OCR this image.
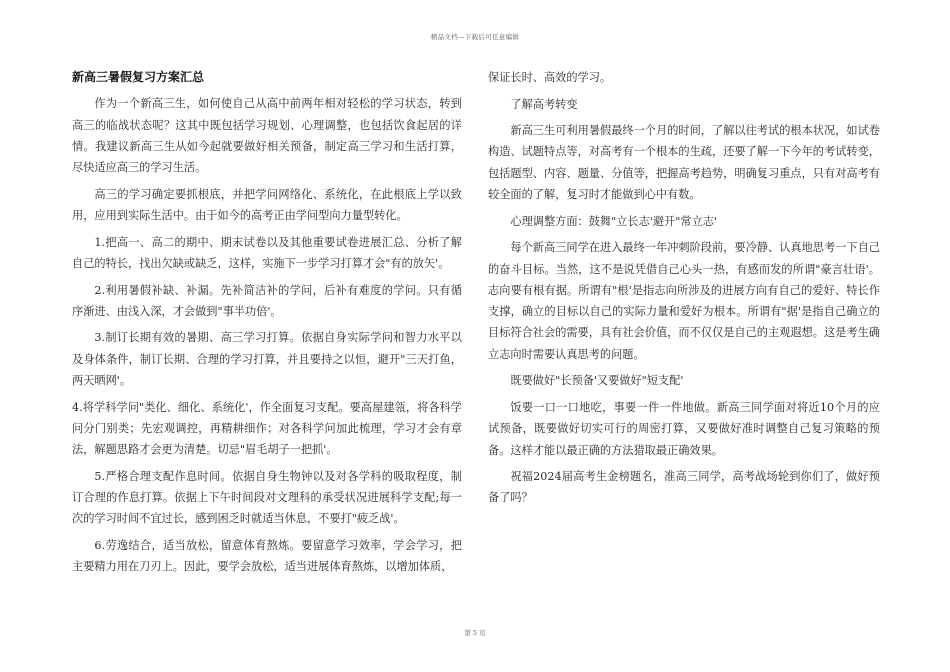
精品文档—下载后可任意编辑
新高三暑假复习方案汇总

作为一个新高三生，如何使自己从高中前两年相对轻松的学习状态，转到高三的临战状态呢？这其中既包括学习规划、心理调整，也包括饮食起居的详情。我建议新高三生从如今起就要做好相关预备，制定高三学习和生活打算，尽快适应高三的学习生活。

高三的学习确定要抓根底，并把学问网络化、系统化，在此根底上学以致用，应用到实际生活中。由于如今的高考正由学问型向力量型转化。

1.把高一、高二的期中、期末试卷以及其他重要试卷进展汇总、分析了解自己的特长，找出欠缺或缺乏，这样，实施下一步学习打算才会"有的放矢'。

2.利用暑假补缺、补漏。先补简洁补的学问，后补有难度的学问。只有循序渐进、由浅入深，才会做到"事半功倍'。

3.制订长期有效的暑期、高三学习打算。依据自身实际学问和智力水平以及身体条件，制订长期、合理的学习打算，并且要持之以恒，避开"三天打鱼，两天晒网'。

4.将学科学问"类化、细化、系统化'，作全面复习支配。要高屋建瓴，将各科学问分门别类；先宏观调控，再精耕细作；对各科学问加此梳理，学习才会有章法，解题思路才会更为清楚。切忌"眉毛胡子一把抓'。

5.严格合理支配作息时间。依据自身生物钟以及对各学科的吸取程度，制订合理的作息打算。依据上下午时间段对文理科的承受状况进展科学支配;每一次的学习时间不宜过长，感到困乏时就适当休息，不要打"疲乏战'。

6.劳逸结合，适当放松，留意体育熬炼。要留意学习效率，学会学习，把主要精力用在刀刃上。因此，要学会放松，适当进展体育熬炼，以增加体质，

保证长时、高效的学习。

了解高考转变

新高三生可利用暑假最终一个月的时间，了解以往考试的根本状况，如试卷构造、试题特点等，对高考有一个根本的生疏，还要了解一下今年的考试转变，包括题型、内容、题量、分值等，把握高考趋势，明确复习重点，只有对高考有较全面的了解，复习时才能做到心中有数。

心理调整方面：鼓舞"立长志'避开"常立志'

每个新高三同学在进入最终一年冲刺阶段前，要冷静、认真地思考一下自己的奋斗目标。当然，这不是说凭借自己心头一热，有感而发的所谓"豪言壮语'。志向要有根有据。所谓有"根'是指志向所涉及的进展方向有自己的爱好、特长作支撑，确立的目标以自己的实际力量和爱好为根本。所谓有"据'是指自己确立的目标符合社会的需要，具有社会价值，而不仅仅是自己的主观遐想。这是考生确立志向时需要认真思考的问题。

既要做好"长预备'又要做好"短支配'

饭要一口一口地吃，事要一件一件地做。新高三同学面对将近10个月的应试预备，既要做好切实可行的周密打算，又要做好准时调整自己复习策略的预备。这样才能以最正确的方法猎取最正确效果。

祝福2024届高考生金榜题名，准高三同学，高考战场轮到你们了，做好预备了吗？

第 5 页
